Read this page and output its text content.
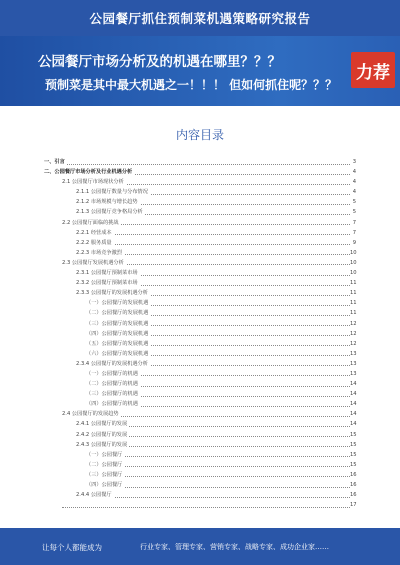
公园餐厅抓住预制菜机遇策略研究报告
公园餐厅市场分析及的机遇在哪里？？？
预制菜是其中最大机遇之一！！！ 但如何抓住呢？？？
力荐
内容目录
一、引言	3
二、公园餐厅市场分析及行业机遇分析	4
2.1 公园餐厅市场现状分析	4
2.1.1 公园餐厅数量与分布情况	4
2.1.2 市场规模与增长趋势	5
2.1.3 公园餐厅竞争格局分析	5
2.2 公园餐厅面临的挑战	7
2.2.1 经营成本	7
2.2.2 服务质量	9
2.2.3 市场竞争激烈	10
2.3 公园餐厅发展机遇分析	10
2.3.1 公园餐厅预制菜市场	10
2.3.2 公园餐厅预制菜市场	11
2.3.3 公园餐厅的发展机遇分析	11
（一）公园餐厅的发展机遇	11
（二）公园餐厅的发展机遇	11
（三）公园餐厅的发展机遇	12
（四）公园餐厅的发展机遇	12
（五）公园餐厅的发展机遇	12
（六）公园餐厅的发展机遇	13
2.3.4 公园餐厅的发展机遇分析	13
（一）公园餐厅的机遇	13
（二）公园餐厅的机遇	14
（三）公园餐厅的机遇	14
（四）公园餐厅的机遇	14
2.4 公园餐厅的发展趋势	14
2.4.1 公园餐厅的发展	14
2.4.2 公园餐厅的发展	15
2.4.3 公园餐厅的发展	15
（一）公园餐厅	15
（二）公园餐厅	15
（三）公园餐厅	16
（四）公园餐厅	16
2.4.4 公园餐厅	16
17
让每个人都能成为	行业专家、管理专家、营销专家、战略专家、成功企业家……
